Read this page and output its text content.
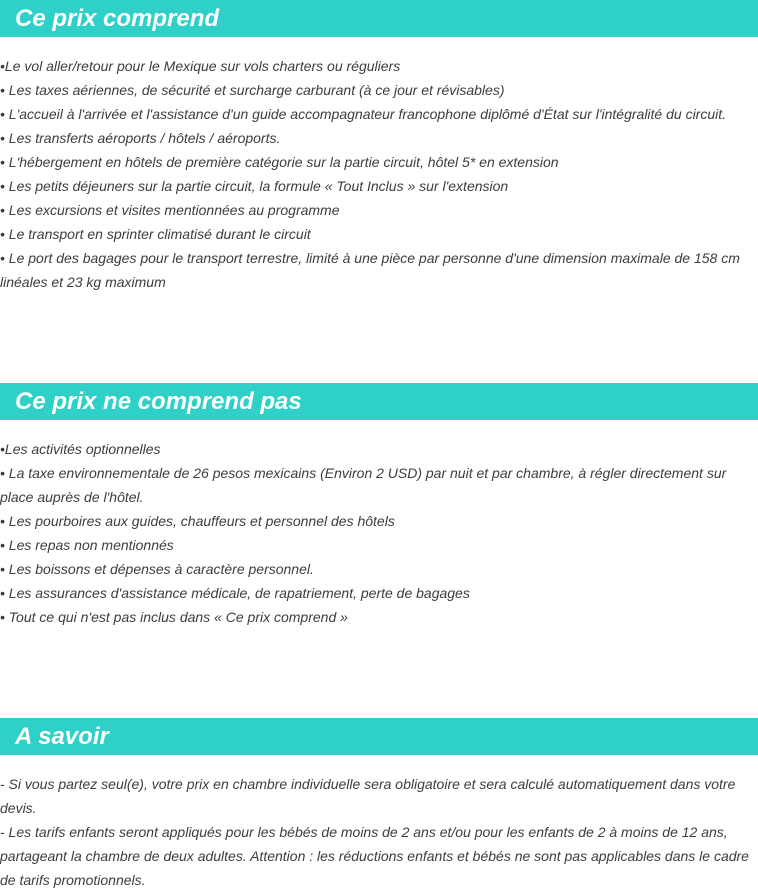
Ce prix comprend
•Le vol aller/retour pour le Mexique sur vols charters ou réguliers
• Les taxes aériennes, de sécurité et surcharge carburant (à ce jour et révisables)
• L'accueil à l'arrivée et l'assistance d'un guide accompagnateur francophone diplômé d'État sur l'intégralité du circuit.
• Les transferts aéroports / hôtels / aéroports.
• L'hébergement en hôtels de première catégorie sur la partie circuit, hôtel 5* en extension
• Les petits déjeuners sur la partie circuit, la formule « Tout Inclus » sur l'extension
• Les excursions et visites mentionnées au programme
• Le transport en sprinter climatisé durant le circuit
• Le port des bagages pour le transport terrestre, limité à une pièce par personne d'une dimension maximale de 158 cm linéales et 23 kg maximum
Ce prix ne comprend pas
•Les activités optionnelles
• La taxe environnementale de 26 pesos mexicains (Environ 2 USD) par nuit et par chambre, à régler directement sur place auprès de l'hôtel.
• Les pourboires aux guides, chauffeurs et personnel des hôtels
• Les repas non mentionnés
• Les boissons et dépenses à caractère personnel.
• Les assurances d'assistance médicale, de rapatriement, perte de bagages
• Tout ce qui n'est pas inclus dans « Ce prix comprend »
A savoir
- Si vous partez seul(e), votre prix en chambre individuelle sera obligatoire et sera calculé automatiquement dans votre devis.
- Les tarifs enfants seront appliqués pour les bébés de moins de 2 ans et/ou pour les enfants de 2 à moins de 12 ans, partageant la chambre de deux adultes. Attention : les réductions enfants et bébés ne sont pas applicables dans le cadre de tarifs promotionnels.
